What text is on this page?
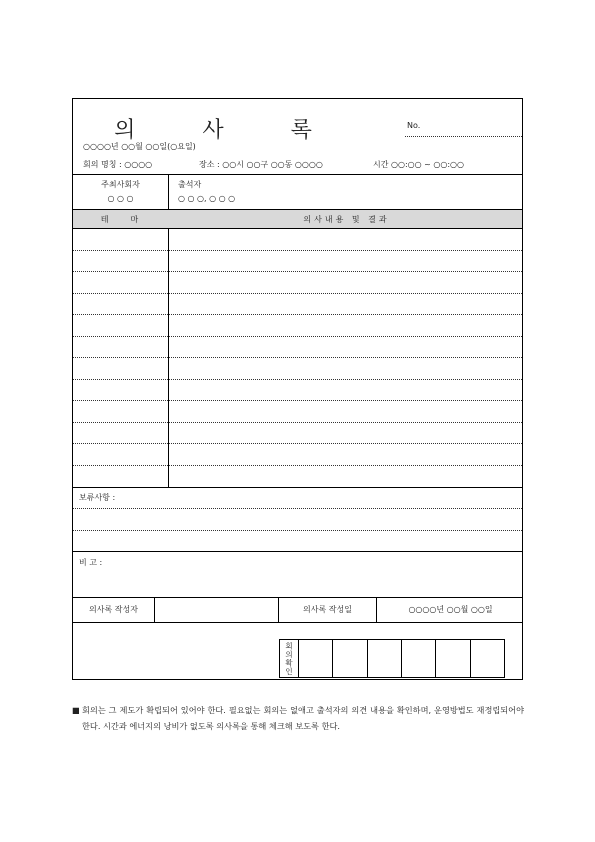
의 사 록	No.
○○○○년 ○○월 ○○일(○요일)
회의 명칭 : ○○○○	장소 : ○○시 ○○구 ○○동 ○○○○	시간 ○○:○○ ~ ○○:○○
주최사회자
○ ○ ○
출석자
○ ○ ○, ○ ○ ○
테　　마	의사내용 및 결과
보류사항 :
비 고 :
의사록 작성자	의사록 작성일	○○○○년 ○○월 ○○일
회의확인
■ 회의는 그 제도가 확립되어 있어야 한다. 필요없는 회의는 없애고 출석자의 의견 내용을 확인하며, 운영방법도 재정립되어야 한다. 시간과 에너지의 낭비가 없도록 의사록을 통해 체크해 보도록 한다.
